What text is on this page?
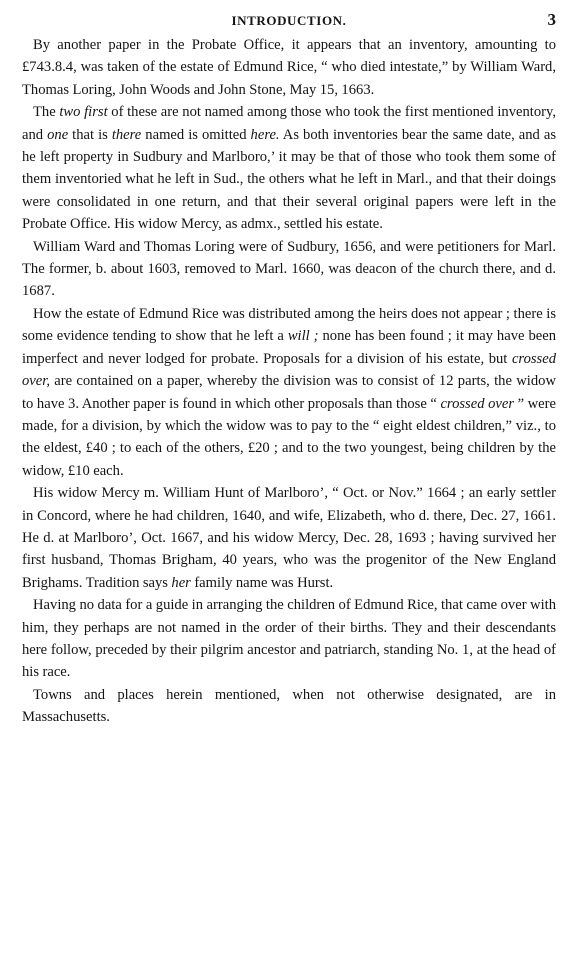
INTRODUCTION.	3

By another paper in the Probate Office, it appears that an inventory, amounting to £743.8.4, was taken of the estate of Edmund Rice, “ who died intestate,” by William Ward, Thomas Loring, John Woods and John Stone, May 15, 1663.

The two first of these are not named among those who took the first mentioned inventory, and one that is there named is omitted here. As both inventories bear the same date, and as he left property in Sudbury and Marlboro,’ it may be that of those who took them some of them inventoried what he left in Sud., the others what he left in Marl., and that their doings were consolidated in one return, and that their several original papers were left in the Probate Office. His widow Mercy, as admx., settled his estate.

William Ward and Thomas Loring were of Sudbury, 1656, and were petitioners for Marl. The former, b. about 1603, removed to Marl. 1660, was deacon of the church there, and d. 1687.

How the estate of Edmund Rice was distributed among the heirs does not appear ; there is some evidence tending to show that he left a will ; none has been found ; it may have been imperfect and never lodged for probate. Proposals for a division of his estate, but crossed over, are contained on a paper, whereby the division was to consist of 12 parts, the widow to have 3. Another paper is found in which other proposals than those “ crossed over ” were made, for a division, by which the widow was to pay to the “ eight eldest children,” viz., to the eldest, £40 ; to each of the others, £20 ; and to the two youngest, being children by the widow, £10 each.

His widow Mercy m. William Hunt of Marlboro’, “ Oct. or Nov.” 1664 ; an early settler in Concord, where he had children, 1640, and wife, Elizabeth, who d. there, Dec. 27, 1661. He d. at Marlboro’, Oct. 1667, and his widow Mercy, Dec. 28, 1693 ; having survived her first husband, Thomas Brigham, 40 years, who was the progenitor of the New England Brighams. Tradition says her family name was Hurst.

Having no data for a guide in arranging the children of Edmund Rice, that came over with him, they perhaps are not named in the order of their births. They and their descendants here follow, preceded by their pilgrim ancestor and patriarch, standing No. 1, at the head of his race.

Towns and places herein mentioned, when not otherwise designated, are in Massachusetts.
